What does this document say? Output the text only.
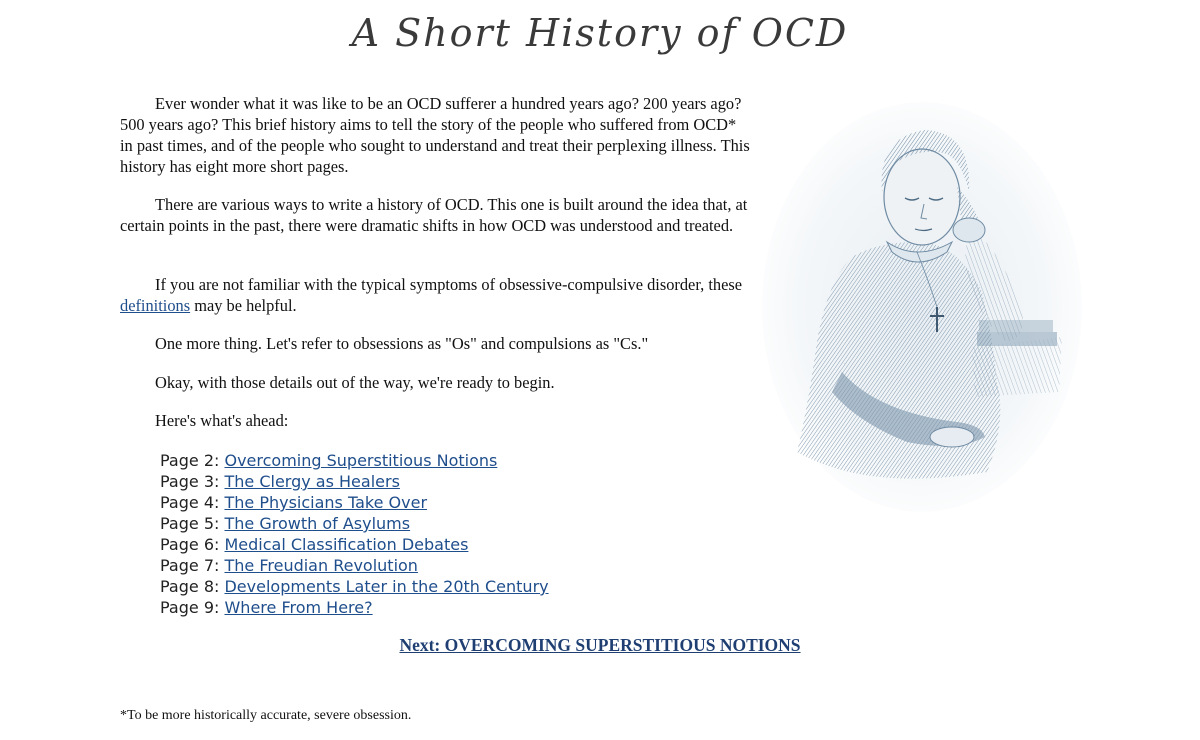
A Short History of OCD

Ever wonder what it was like to be an OCD sufferer a hundred years ago? 200 years ago? 500 years ago? This brief history aims to tell the story of the people who suffered from OCD* in past times, and of the people who sought to understand and treat their perplexing illness. This history has eight more short pages.

There are various ways to write a history of OCD. This one is built around the idea that, at certain points in the past, there were dramatic shifts in how OCD was understood and treated.

If you are not familiar with the typical symptoms of obsessive-compulsive disorder, these definitions may be helpful.

One more thing. Let's refer to obsessions as "Os" and compulsions as "Cs."

Okay, with those details out of the way, we're ready to begin.

Here's what's ahead:

Page 2: Overcoming Superstitious Notions
Page 3: The Clergy as Healers
Page 4: The Physicians Take Over
Page 5: The Growth of Asylums
Page 6: Medical Classification Debates
Page 7: The Freudian Revolution
Page 8: Developments Later in the 20th Century
Page 9: Where From Here?
Next: OVERCOMING SUPERSTITIOUS NOTIONS
*To be more historically accurate, severe obsession.
